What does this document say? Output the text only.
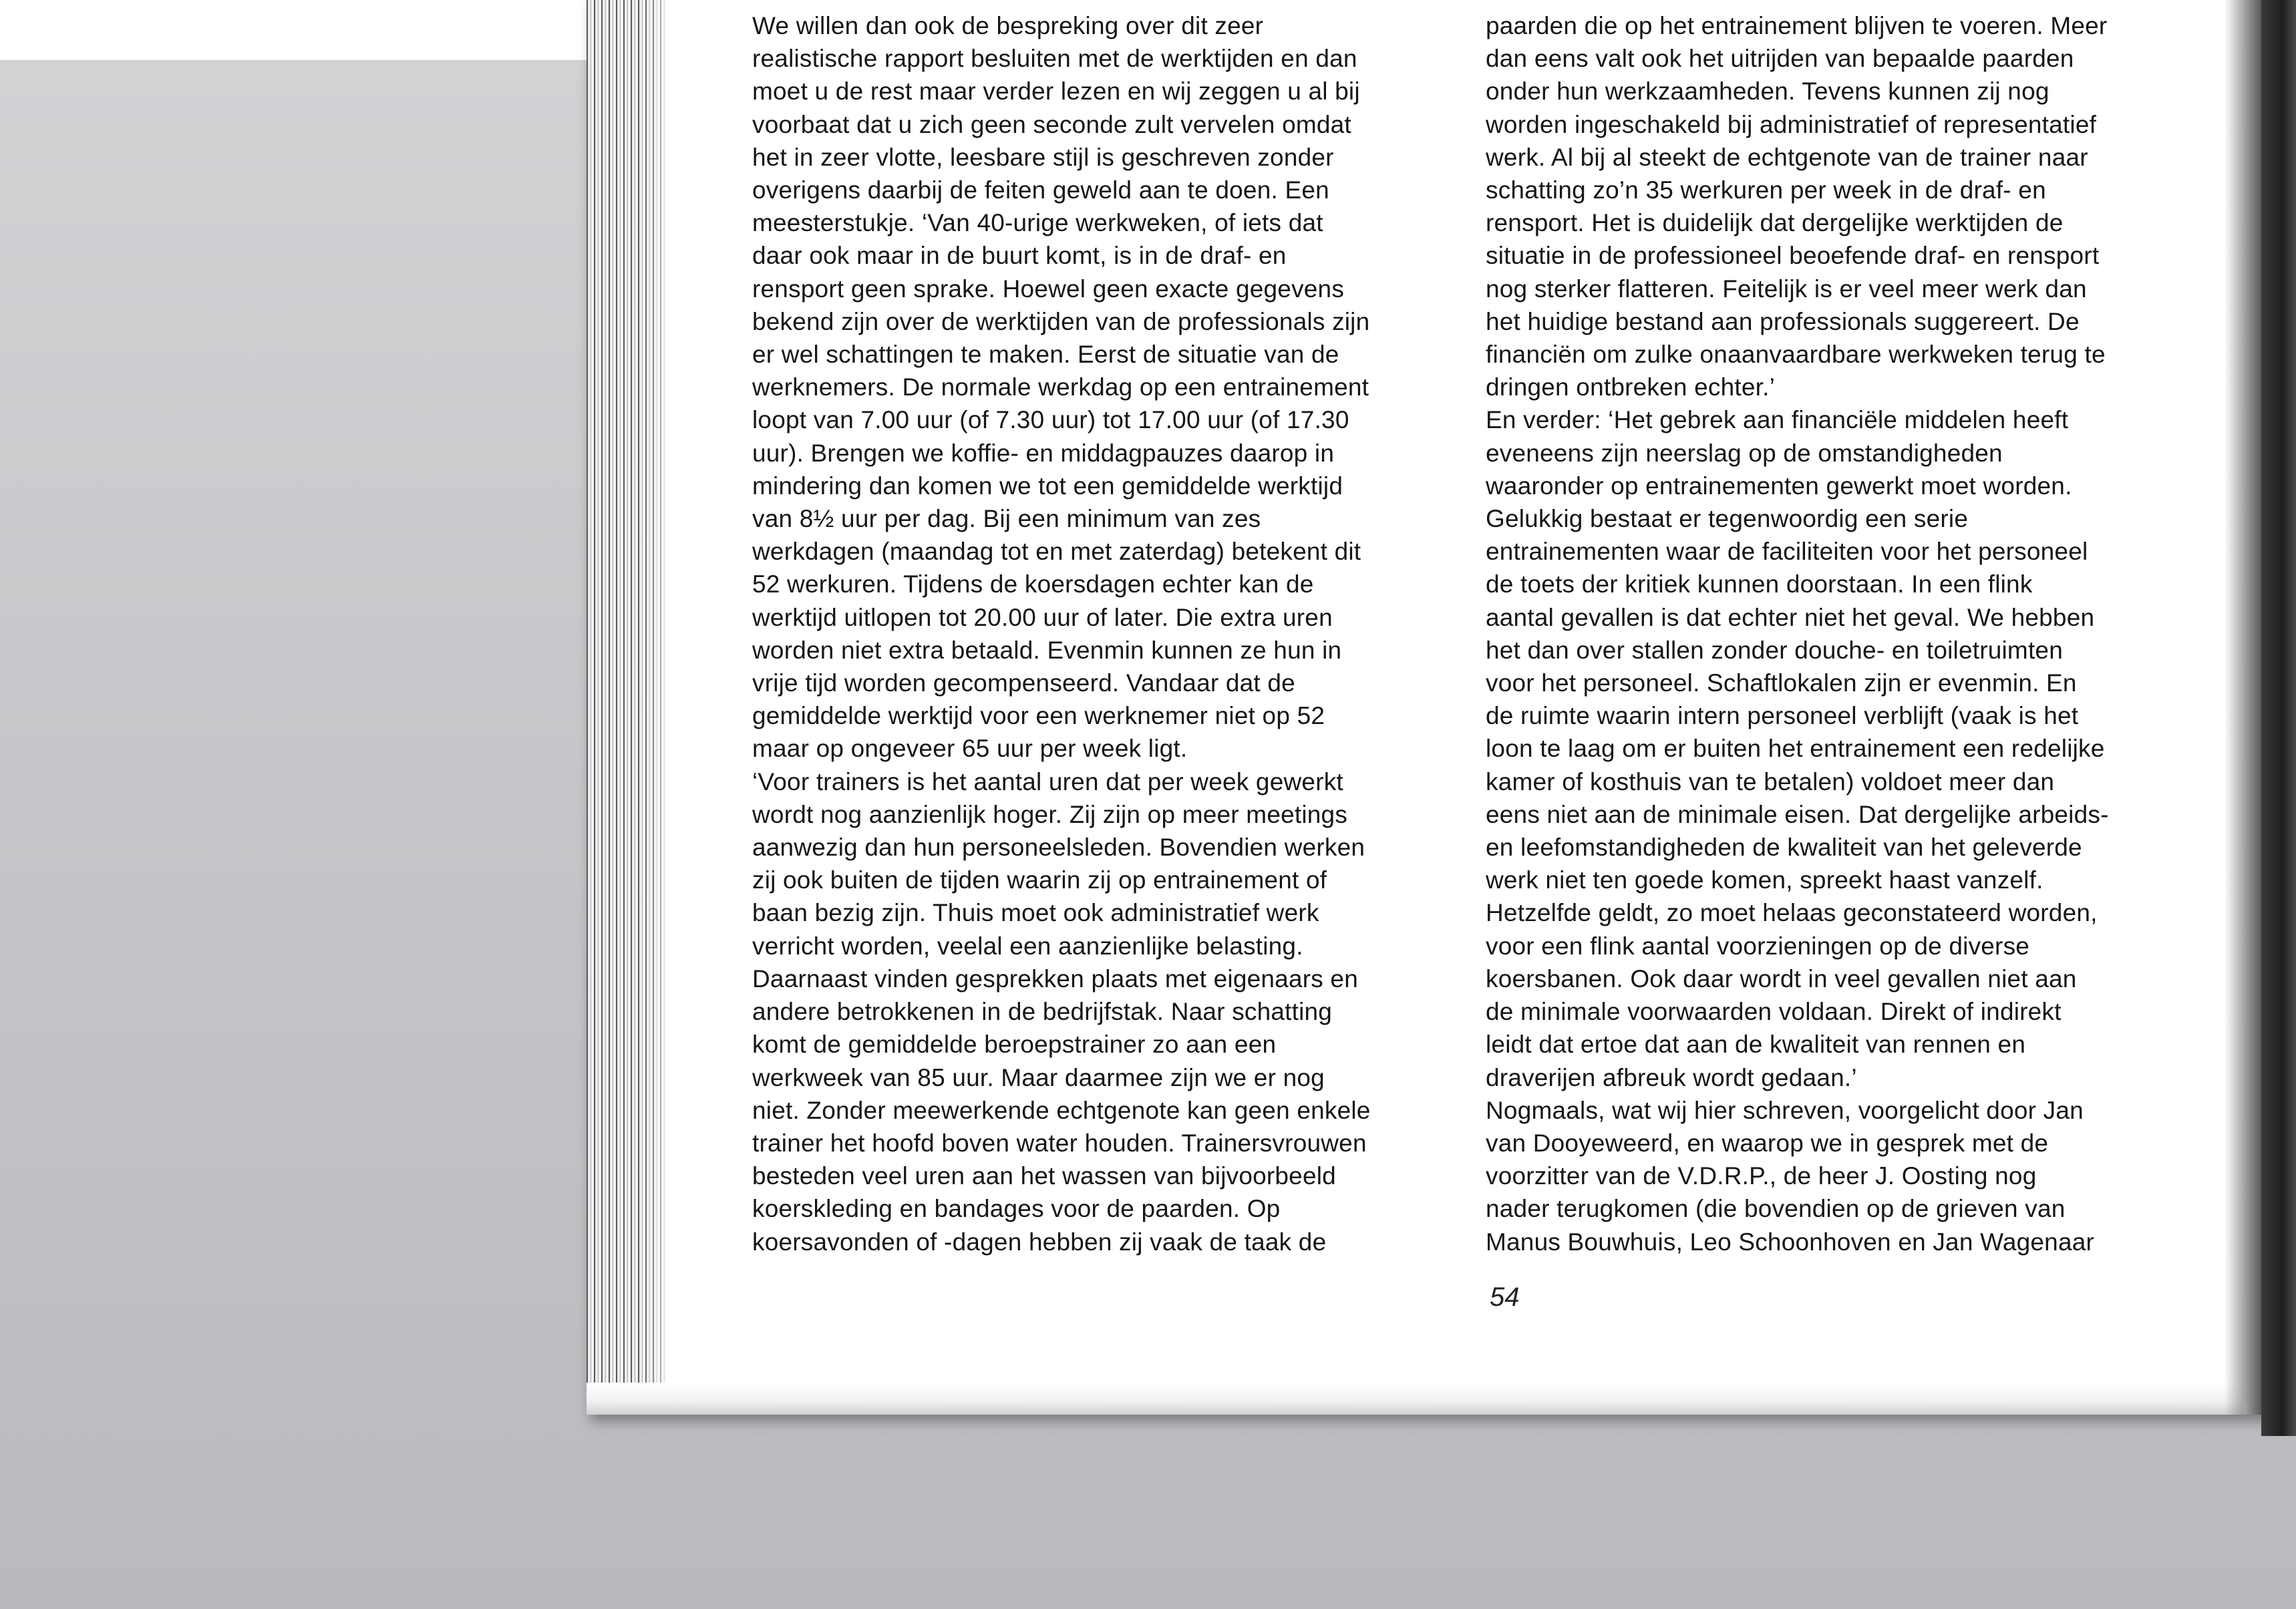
We willen dan ook de bespreking over dit zeer
realistische rapport besluiten met de werktijden en dan
moet u de rest maar verder lezen en wij zeggen u al bij
voorbaat dat u zich geen seconde zult vervelen omdat
het in zeer vlotte, leesbare stijl is geschreven zonder
overigens daarbij de feiten geweld aan te doen. Een
meesterstukje. ‘Van 40-urige werkweken, of iets dat
daar ook maar in de buurt komt, is in de draf- en
rensport geen sprake. Hoewel geen exacte gegevens
bekend zijn over de werktijden van de professionals zijn
er wel schattingen te maken. Eerst de situatie van de
werknemers. De normale werkdag op een entrainement
loopt van 7.00 uur (of 7.30 uur) tot 17.00 uur (of 17.30
uur). Brengen we koffie- en middagpauzes daarop in
mindering dan komen we tot een gemiddelde werktijd
van 8½ uur per dag. Bij een minimum van zes
werkdagen (maandag tot en met zaterdag) betekent dit
52 werkuren. Tijdens de koersdagen echter kan de
werktijd uitlopen tot 20.00 uur of later. Die extra uren
worden niet extra betaald. Evenmin kunnen ze hun in
vrije tijd worden gecompenseerd. Vandaar dat de
gemiddelde werktijd voor een werknemer niet op 52
maar op ongeveer 65 uur per week ligt.
‘Voor trainers is het aantal uren dat per week gewerkt
wordt nog aanzienlijk hoger. Zij zijn op meer meetings
aanwezig dan hun personeelsleden. Bovendien werken
zij ook buiten de tijden waarin zij op entrainement of
baan bezig zijn. Thuis moet ook administratief werk
verricht worden, veelal een aanzienlijke belasting.
Daarnaast vinden gesprekken plaats met eigenaars en
andere betrokkenen in de bedrijfstak. Naar schatting
komt de gemiddelde beroepstrainer zo aan een
werkweek van 85 uur. Maar daarmee zijn we er nog
niet. Zonder meewerkende echtgenote kan geen enkele
trainer het hoofd boven water houden. Trainersvrouwen
besteden veel uren aan het wassen van bijvoorbeeld
koerskleding en bandages voor de paarden. Op
koersavonden of -dagen hebben zij vaak de taak de
paarden die op het entrainement blijven te voeren. Meer
dan eens valt ook het uitrijden van bepaalde paarden
onder hun werkzaamheden. Tevens kunnen zij nog
worden ingeschakeld bij administratief of representatief
werk. Al bij al steekt de echtgenote van de trainer naar
schatting zo’n 35 werkuren per week in de draf- en
rensport. Het is duidelijk dat dergelijke werktijden de
situatie in de professioneel beoefende draf- en rensport
nog sterker flatteren. Feitelijk is er veel meer werk dan
het huidige bestand aan professionals suggereert. De
financiën om zulke onaanvaardbare werkweken terug te
dringen ontbreken echter.’
En verder: ‘Het gebrek aan financiële middelen heeft
eveneens zijn neerslag op de omstandigheden
waaronder op entrainementen gewerkt moet worden.
Gelukkig bestaat er tegenwoordig een serie
entrainementen waar de faciliteiten voor het personeel
de toets der kritiek kunnen doorstaan. In een flink
aantal gevallen is dat echter niet het geval. We hebben
het dan over stallen zonder douche- en toiletruimten
voor het personeel. Schaftlokalen zijn er evenmin. En
de ruimte waarin intern personeel verblijft (vaak is het
loon te laag om er buiten het entrainement een redelijke
kamer of kosthuis van te betalen) voldoet meer dan
eens niet aan de minimale eisen. Dat dergelijke arbeids-
en leefomstandigheden de kwaliteit van het geleverde
werk niet ten goede komen, spreekt haast vanzelf.
Hetzelfde geldt, zo moet helaas geconstateerd worden,
voor een flink aantal voorzieningen op de diverse
koersbanen. Ook daar wordt in veel gevallen niet aan
de minimale voorwaarden voldaan. Direkt of indirekt
leidt dat ertoe dat aan de kwaliteit van rennen en
draverijen afbreuk wordt gedaan.’
Nogmaals, wat wij hier schreven, voorgelicht door Jan
van Dooyeweerd, en waarop we in gesprek met de
voorzitter van de V.D.R.P., de heer J. Oosting nog
nader terugkomen (die bovendien op de grieven van
Manus Bouwhuis, Leo Schoonhoven en Jan Wagenaar
54
